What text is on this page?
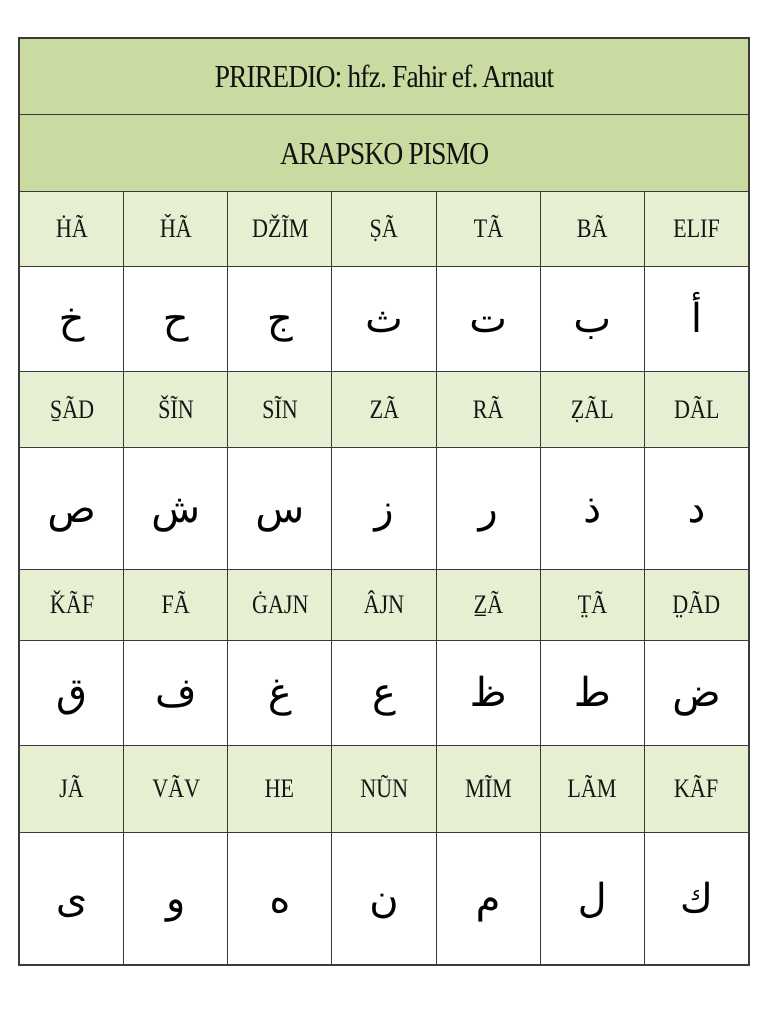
PRIREDIO: hfz. Fahir ef. Arnaut						
ARAPSKO PISMO						
ḢÃ	ȞÃ	DŽĨM	ṢÃ	TÃ	BÃ	ELIF
خ	ح	ج	ث	ت	ب	أ
S̱ÃD	ŠĨN	SĨN	ZÃ	RÃ	ẒÃL	DÃL
ص	ش	س	ز	ر	ذ	د
ǨÃF	FÃ	ĠAJN	ÂJN	Z̲Ã	T̤Ã	D̤ÃD
ق	ف	غ	ع	ظ	ط	ض
JÃ	VÃV	HE	NŨN	MĨM	LÃM	KÃF
ى	و	ه	ن	م	ل	ك
